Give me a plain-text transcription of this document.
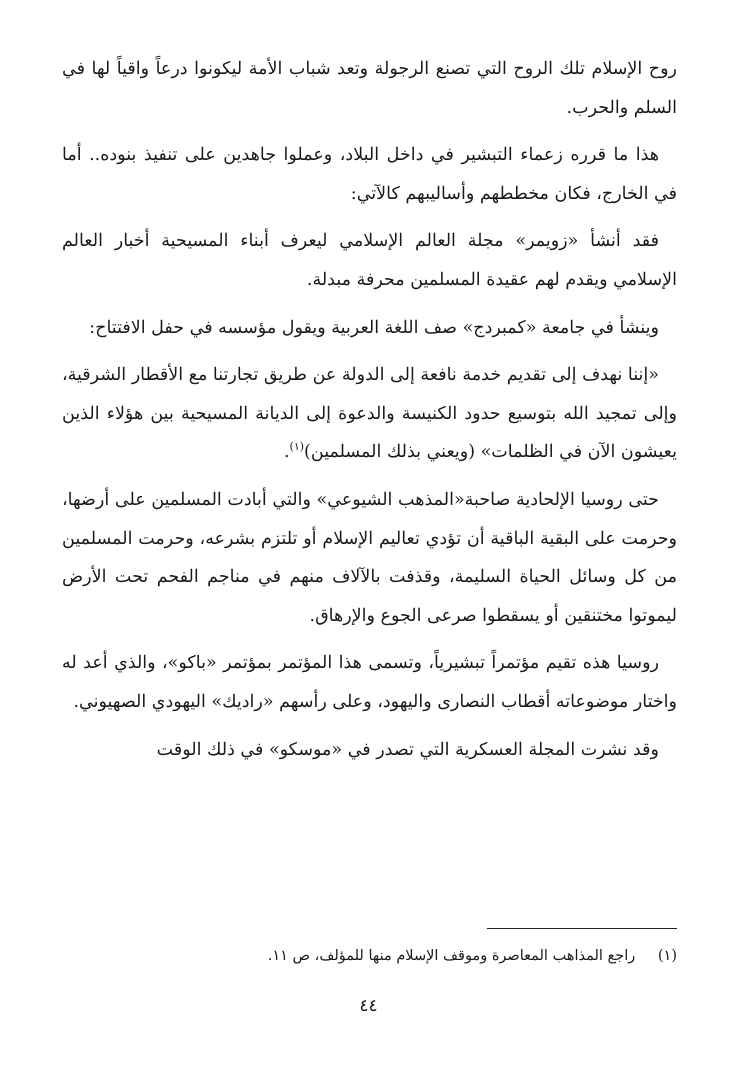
روح الإسلام تلك الروح التي تصنع الرجولة وتعد شباب الأمة ليكونوا درعاً واقياً لها في السلم والحرب.

هذا ما قرره زعماء التبشير في داخل البلاد، وعملوا جاهدين على تنفيذ بنوده.. أما في الخارج، فكان مخططهم وأساليبهم كالآتي:

فقد أنشأ «زويمر» مجلة العالم الإسلامي ليعرف أبناء المسيحية أخبار العالم الإسلامي ويقدم لهم عقيدة المسلمين محرفة مبدلة.

وينشأ في جامعة «كمبردج» صف اللغة العربية ويقول مؤسسه في حفل الافتتاح:

«إننا نهدف إلى تقديم خدمة نافعة إلى الدولة عن طريق تجارتنا مع الأقطار الشرقية، وإلى تمجيد الله بتوسيع حدود الكنيسة والدعوة إلى الديانة المسيحية بين هؤلاء الذين يعيشون الآن في الظلمات» (ويعني بذلك المسلمين)$^{(١)}$.

حتى روسيا الإلحادية صاحبة«المذهب الشيوعي» والتي أبادت المسلمين على أرضها، وحرمت على البقية الباقية أن تؤدي تعاليم الإسلام أو تلتزم بشرعه، وحرمت المسلمين من كل وسائل الحياة السليمة، وقذفت بالآلاف منهم في مناجم الفحم تحت الأرض ليموتوا مختنقين أو يسقطوا صرعى الجوع والإرهاق.

روسيا هذه تقيم مؤتمراً تبشيرياً، وتسمى هذا المؤتمر بمؤتمر «باكو»، والذي أعد له واختار موضوعاته أقطاب النصارى واليهود، وعلى رأسهم «راديك» اليهودي الصهيوني.

وقد نشرت المجلة العسكرية التي تصدر في «موسكو» في ذلك الوقت

(١) راجع المذاهب المعاصرة وموقف الإسلام منها للمؤلف، ص ١١.
٤٤
